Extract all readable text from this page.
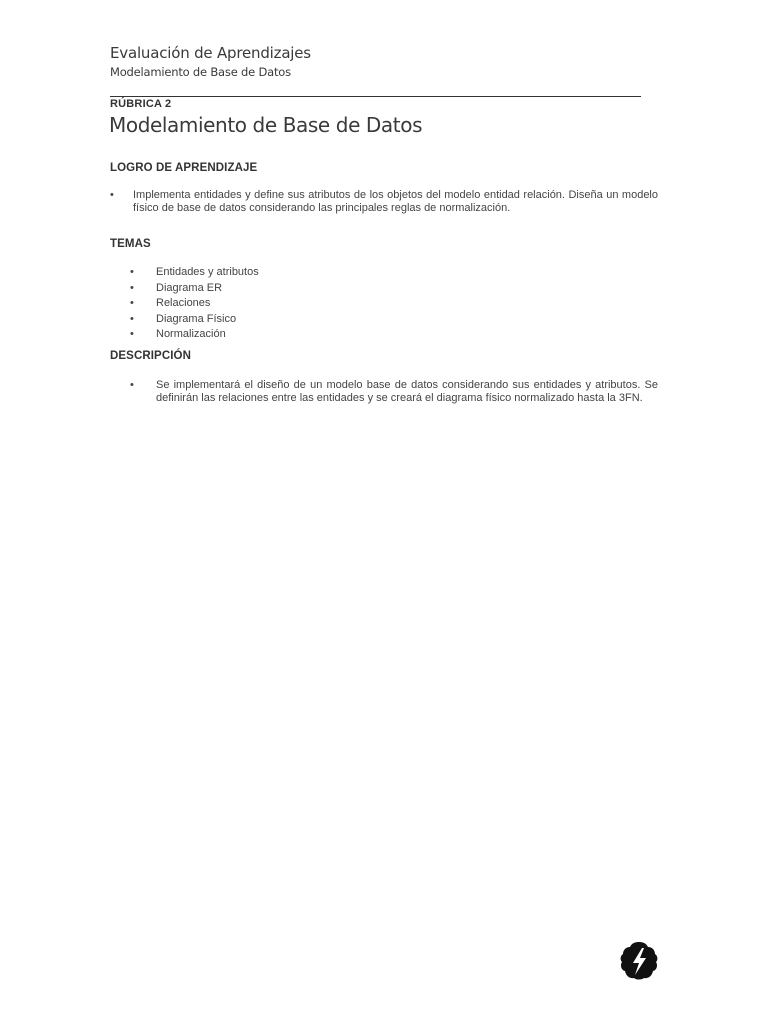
Evaluación de Aprendizajes
Modelamiento de Base de Datos
RÚBRICA 2
Modelamiento de Base de Datos
LOGRO DE APRENDIZAJE
• Implementa entidades y define sus atributos de los objetos del modelo entidad relación. Diseña un modelo físico de base de datos considerando las principales reglas de normalización.
TEMAS
• Entidades y atributos
• Diagrama ER
• Relaciones
• Diagrama Físico
• Normalización
DESCRIPCIÓN
• Se implementará el diseño de un modelo base de datos considerando sus entidades y atributos. Se definirán las relaciones entre las entidades y se creará el diagrama físico normalizado hasta la 3FN.
